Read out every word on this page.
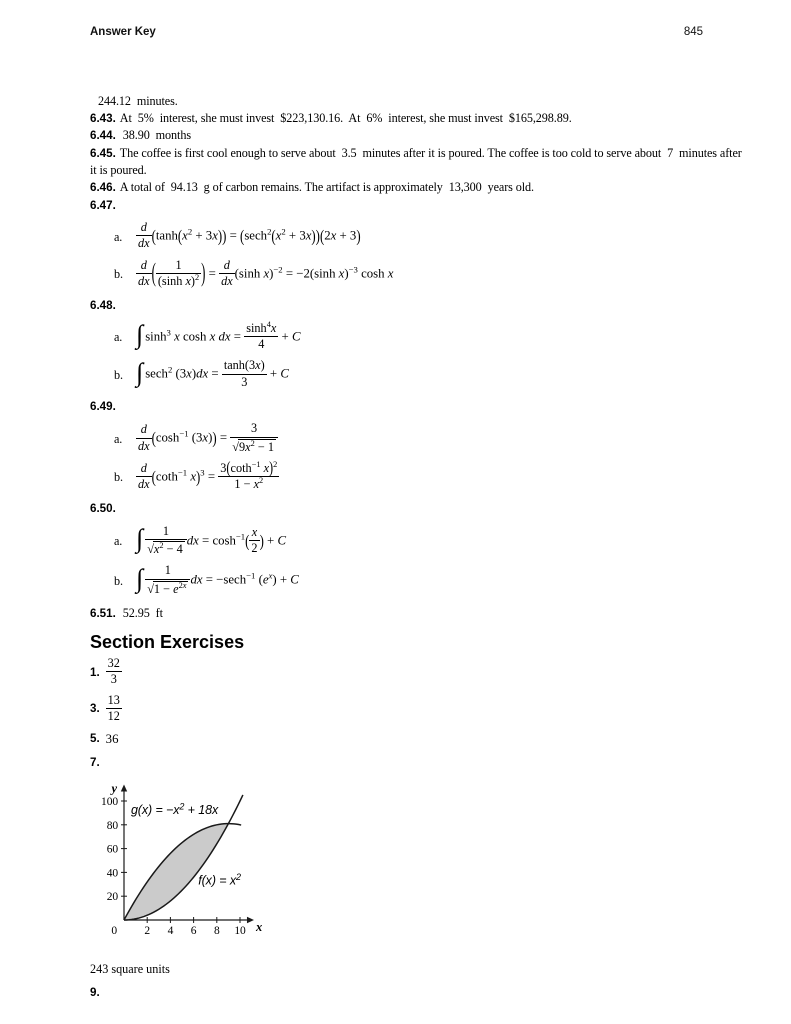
Answer Key	845
244.12 minutes.
6.43. At 5% interest, she must invest $223,130.16. At 6% interest, she must invest $165,298.89.
6.44. 38.90 months
6.45. The coffee is first cool enough to serve about 3.5 minutes after it is poured. The coffee is too cold to serve about 7 minutes after it is poured.
6.46. A total of 94.13 g of carbon remains. The artifact is approximately 13,300 years old.
6.47.
a.	$\frac{d}{dx} (\tanh(x^2 + 3x)) = (\sec h^2(x^2 + 3x))(2x + 3)$
b.	$\frac{d}{dx}$ ( $\frac{1}{(\sinh x)^2}$ ) = $\frac{d}{dx} (\sinh$ x)$^{-2}$ = −2(sinh x)$^{-3}$ cosh x
6.48.
a. ∫ $\sinh^3 x$ cosh x dx = $\frac{\sinh^4x}{4} + C$
b. ∫ sech$^2$ $(3x)dx = \frac{\tanh(3x)}{3} + C$
6.49.
a.	$\frac{d}{dx} (\cosh^{-1}$ $(3x)) = \frac{3}{√9x^2 - 1}$
b.	$\frac{d}{dx} (\cot h^{-1}$ $x)^3 = \frac{3(\cot h^{-1} x)^2}{1 - x^2}$
6.50.
a. ∫ $\frac{1}{√x^2 - 4}$ dx = $\cosh^{-1}( \frac{x}{2}$ ) + C
b. ∫ $\frac{1}{√1 - e^{2x}}$ dx = −sech$^{-1}$ $(e^x) + C$
6.51. 52.95 ft
Section Exercises
1. $\frac{32}{3}$
3. $\frac{13}{12}$
5. 36
7.
2 4 6 8 10
20
40
60
80
100
0	x
y
$g(x) = -x^2 + 18x$
$f(x) = x^2$
243 square units
9.
